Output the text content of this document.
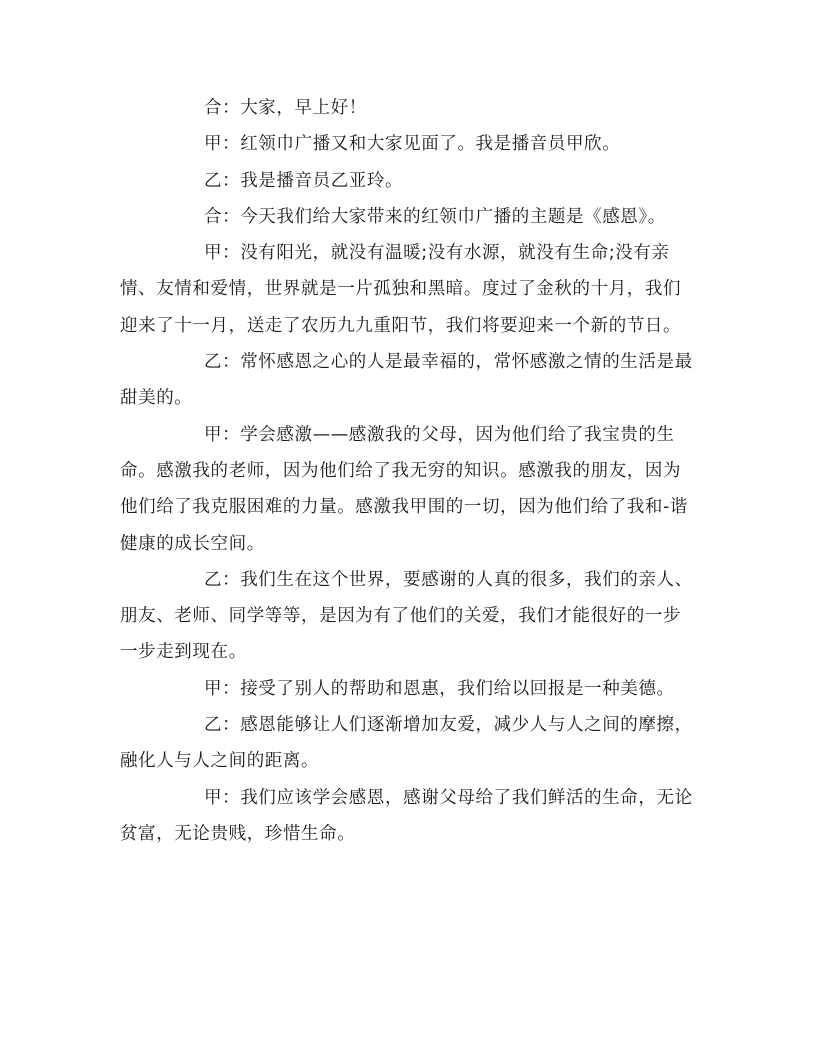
合：大家，早上好！

甲：红领巾广播又和大家见面了。我是播音员甲欣。

乙：我是播音员乙亚玲。

合：今天我们给大家带来的红领巾广播的主题是《感恩》。

甲：没有阳光，就没有温暖;没有水源，就没有生命;没有亲情、友情和爱情，世界就是一片孤独和黑暗。度过了金秋的十月，我们迎来了十一月，送走了农历九九重阳节，我们将要迎来一个新的节日。

乙：常怀感恩之心的人是最幸福的，常怀感激之情的生活是最甜美的。

甲：学会感激——感激我的父母，因为他们给了我宝贵的生命。感激我的老师，因为他们给了我无穷的知识。感激我的朋友，因为他们给了我克服困难的力量。感激我甲围的一切，因为他们给了我和-谐健康的成长空间。

乙：我们生在这个世界，要感谢的人真的很多，我们的亲人、朋友、老师、同学等等，是因为有了他们的关爱，我们才能很好的一步一步走到现在。

甲：接受了别人的帮助和恩惠，我们给以回报是一种美德。

乙：感恩能够让人们逐渐增加友爱，减少人与人之间的摩擦，融化人与人之间的距离。

甲：我们应该学会感恩，感谢父母给了我们鲜活的生命，无论贫富，无论贵贱，珍惜生命。
